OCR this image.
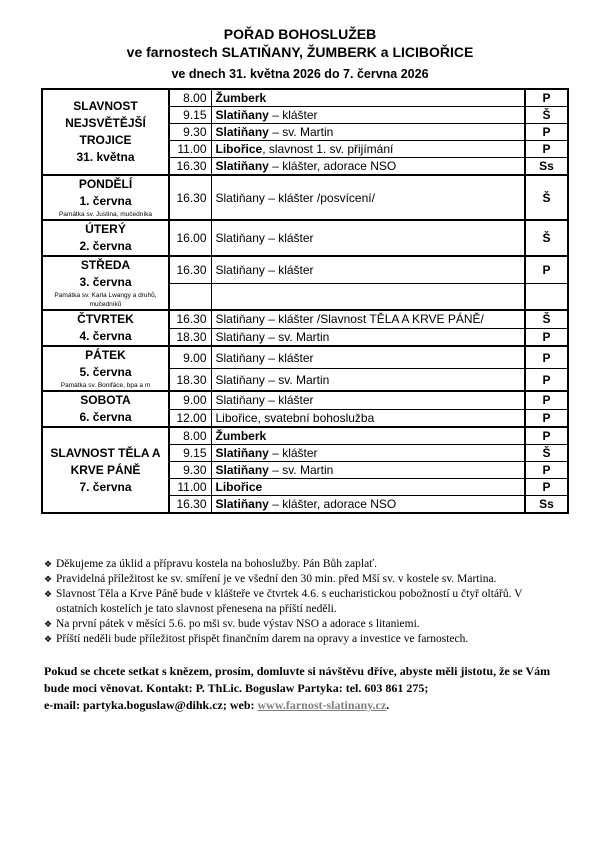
POŘAD BOHOSLUŽEB
ve farnostech SLATIŇANY, ŽUMBERK a LICIBOŘICE
ve dnech 31. května 2026 do 7. června 2026
SLAVNOST NEJSVĚTĚJŠÍ TROJICE
31. května	8.00	Žumberk	P
	9.15	Slatiňany – klášter	Š
	9.30	Slatiňany – sv. Martin	P
	11.00	Libořice, slavnost 1. sv. přijímání	P
	16.30	Slatiňany – klášter, adorace NSO	Ss

PONDĚLÍ
1. června
Památka sv. Justina, mučedníka	16.30	Slatiňany – klášter /posvícení/	Š

ÚTERÝ
2. června	16.00	Slatiňany – klášter	Š

STŘEDA
3. června
Památka sv. Karla Lwangy a druhů, mučedníků	16.30	Slatiňany – klášter	P

ČTVRTEK
4. června	16.30	Slatiňany – klášter /Slavnost TĚLA A KRVE PÁNĚ/	Š
	18.30	Slatiňany – sv. Martin	P

PÁTEK
5. června
Památka sv. Bonifáce, bpa a m	9.00	Slatiňany – klášter	P
	18.30	Slatiňany – sv. Martin	P

SOBOTA
6. června	9.00	Slatiňany – klášter	P
	12.00	Libořice, svatební bohoslužba	P

SLAVNOST TĚLA A KRVE PÁNĚ
7. června	8.00	Žumberk	P
	9.15	Slatiňany – klášter	Š
	9.30	Slatiňany – sv. Martin	P
	11.00	Libořice	P
	16.30	Slatiňany – klášter, adorace NSO	Ss
❖ Děkujeme za úklid a přípravu kostela na bohoslužby. Pán Bůh zaplať.
❖ Pravidelná příležitost ke sv. smíření je ve všední den 30 min. před Mší sv. v kostele sv. Martina.
❖ Slavnost Těla a Krve Páně bude v klášteře ve čtvrtek 4.6. s eucharistickou pobožností u čtyř oltářů. V ostatních kostelích je tato slavnost přenesena na příští neděli.
❖ Na první pátek v měsíci 5.6. po mši sv. bude výstav NSO a adorace s litaniemi.
❖ Příští neděli bude příležitost přispět finančním darem na opravy a investice ve farnostech.
Pokud se chcete setkat s knězem, prosím, domluvte si návštěvu dříve, abyste měli jistotu, že se Vám bude moci věnovat. Kontakt: P. ThLic. Boguslaw Partyka: tel. 603 861 275;
e-mail: partyka.boguslaw@dihk.cz; web: www.farnost-slatinany.cz.
